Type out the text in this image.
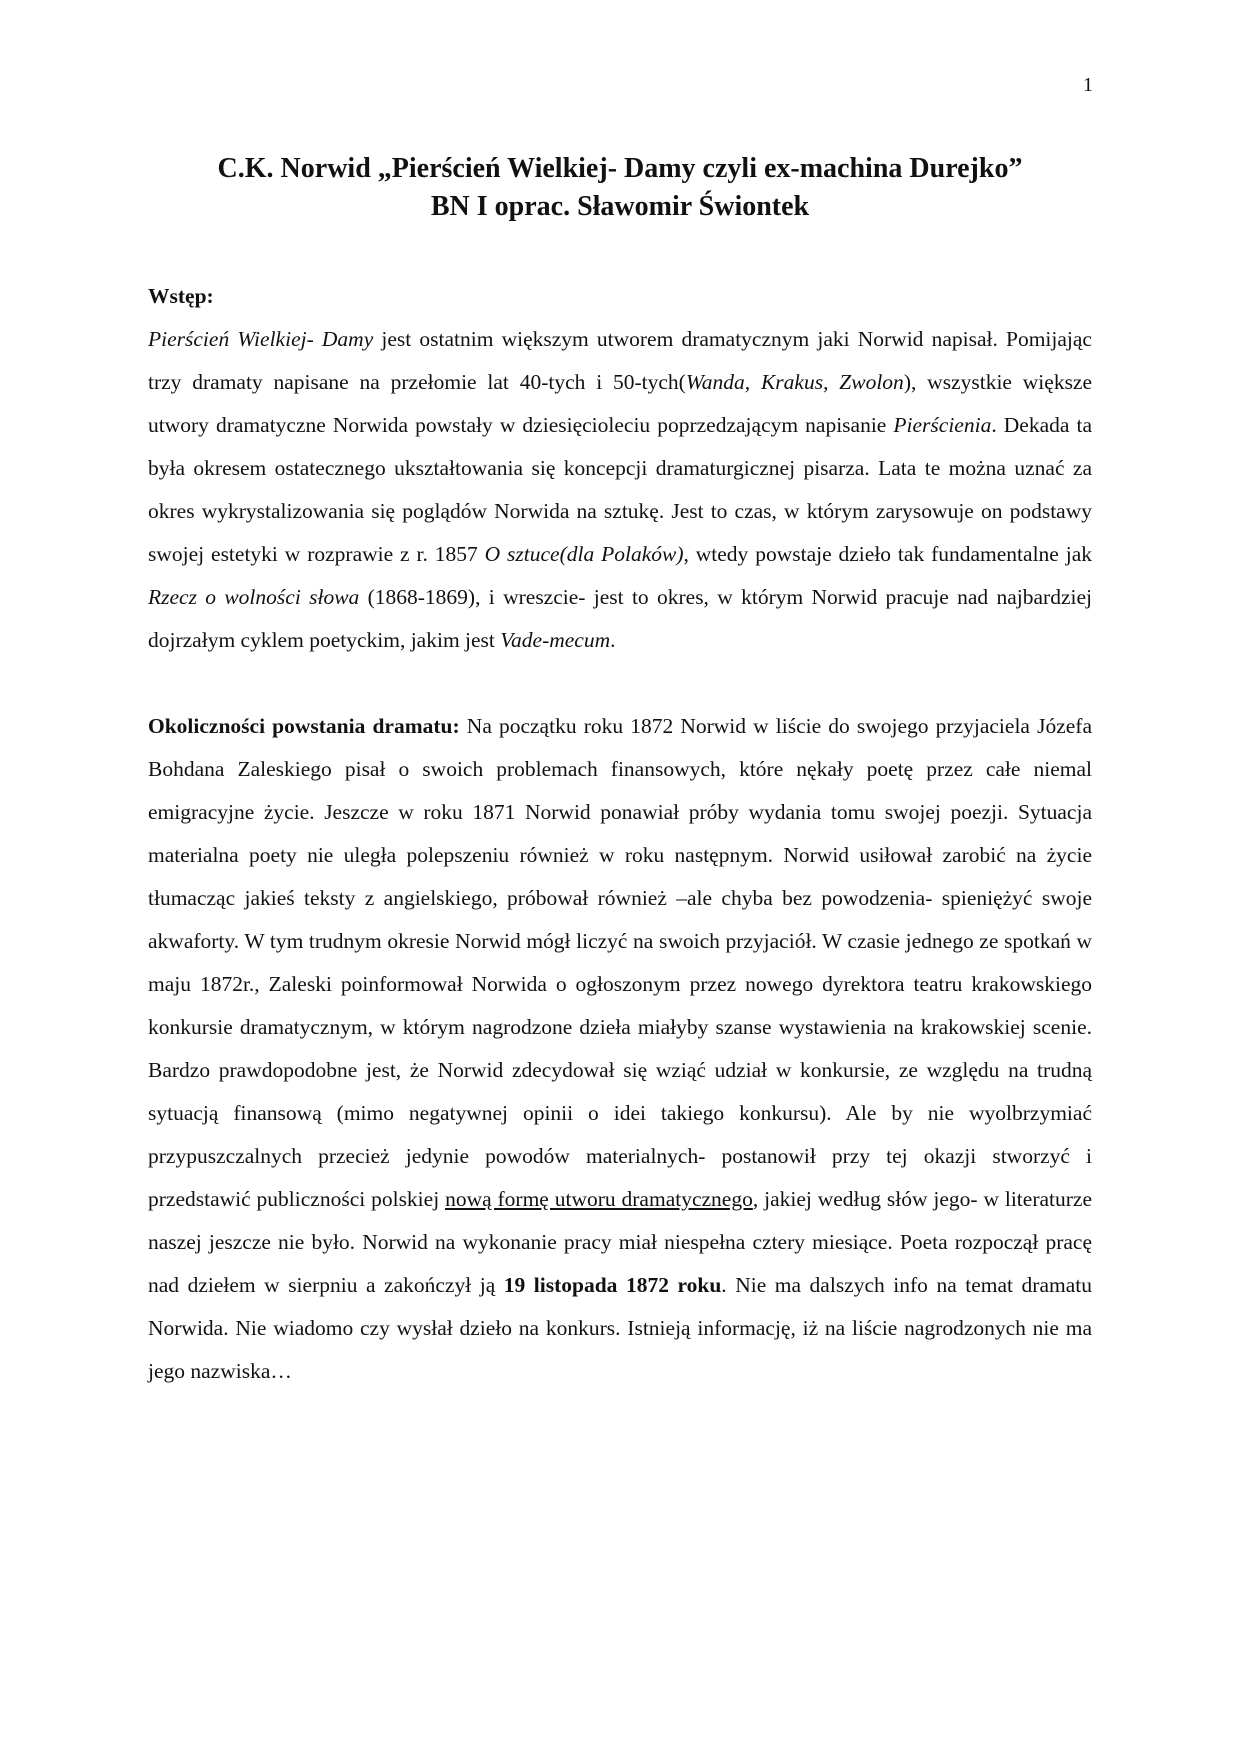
1
C.K. Norwid „Pierścień Wielkiej- Damy czyli ex-machina Durejko”
BN I oprac. Sławomir Świontek
Wstęp:

Pierścień Wielkiej- Damy jest ostatnim większym utworem dramatycznym jaki Norwid napisał. Pomijając trzy dramaty napisane na przełomie lat 40-tych i 50-tych(Wanda, Krakus, Zwolon), wszystkie większe utwory dramatyczne Norwida powstały w dziesięcioleciu poprzedzającym napisanie Pierścienia. Dekada ta była okresem ostatecznego ukształtowania się koncepcji dramaturgicznej pisarza. Lata te można uznać za okres wykrystalizowania się poglądów Norwida na sztukę. Jest to czas, w którym zarysowuje on podstawy swojej estetyki w rozprawie z r. 1857 O sztuce(dla Polaków), wtedy powstaje dzieło tak fundamentalne jak Rzecz o wolności słowa (1868-1869), i wreszcie- jest to okres, w którym Norwid pracuje nad najbardziej dojrzałym cyklem poetyckim, jakim jest Vade-mecum.

Okoliczności powstania dramatu: Na początku roku 1872 Norwid w liście do swojego przyjaciela Józefa Bohdana Zaleskiego pisał o swoich problemach finansowych, które nękały poetę przez całe niemal emigracyjne życie. Jeszcze w roku 1871 Norwid ponawiał próby wydania tomu swojej poezji. Sytuacja materialna poety nie uległa polepszeniu również w roku następnym. Norwid usiłował zarobić na życie tłumacząc jakieś teksty z angielskiego, próbował również –ale chyba bez powodzenia- spieniężyć swoje akwaforty. W tym trudnym okresie Norwid mógł liczyć na swoich przyjaciół. W czasie jednego ze spotkań w maju 1872r., Zaleski poinformował Norwida o ogłoszonym przez nowego dyrektora teatru krakowskiego konkursie dramatycznym, w którym nagrodzone dzieła miałyby szanse wystawienia na krakowskiej scenie. Bardzo prawdopodobne jest, że Norwid zdecydował się wziąć udział w konkursie, ze względu na trudną sytuacją finansową (mimo negatywnej opinii o idei takiego konkursu). Ale by nie wyolbrzymiać przypuszczalnych przecież jedynie powodów materialnych- postanowił przy tej okazji stworzyć i przedstawić publiczności polskiej nową formę utworu dramatycznego, jakiej według słów jego- w literaturze naszej jeszcze nie było. Norwid na wykonanie pracy miał niespełna cztery miesiące. Poeta rozpoczął pracę nad dziełem w sierpniu a zakończył ją 19 listopada 1872 roku. Nie ma dalszych info na temat dramatu Norwida. Nie wiadomo czy wysłał dzieło na konkurs. Istnieją informację, iż na liście nagrodzonych nie ma jego nazwiska…
